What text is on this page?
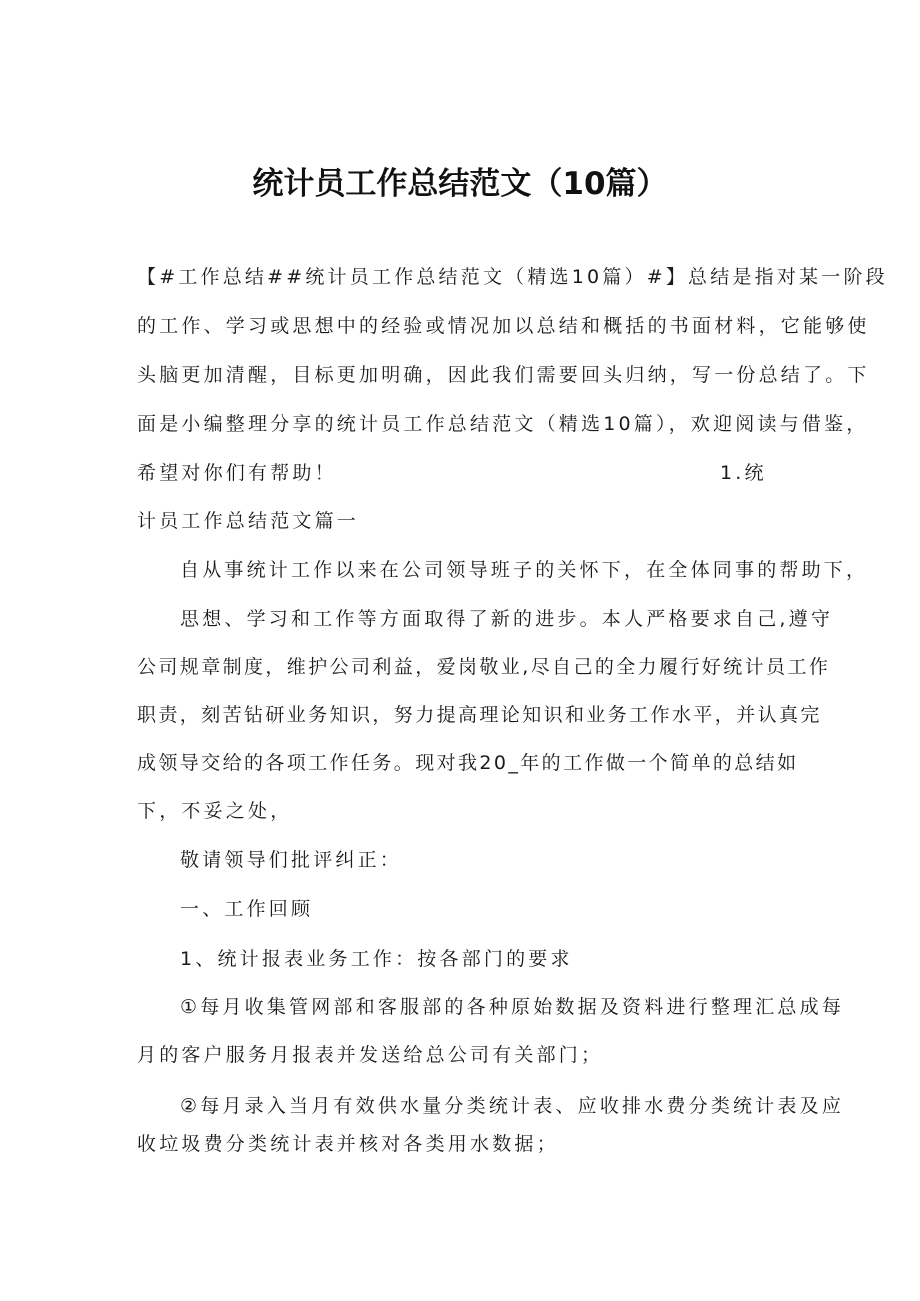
统计员工作总结范文（10篇）
【#工作总结##统计员工作总结范文（精选10篇）#】总结是指对某一阶段
的工作、学习或思想中的经验或情况加以总结和概括的书面材料，它能够使
头脑更加清醒，目标更加明确，因此我们需要回头归纳，写一份总结了。下
面是小编整理分享的统计员工作总结范文（精选10篇），欢迎阅读与借鉴，
希望对你们有帮助！	1.统
计员工作总结范文篇一
自从事统计工作以来在公司领导班子的关怀下，在全体同事的帮助下，
思想、学习和工作等方面取得了新的进步。本人严格要求自己,遵守
公司规章制度，维护公司利益，爱岗敬业,尽自己的全力履行好统计员工作
职责，刻苦钻研业务知识，努力提高理论知识和业务工作水平，并认真完
成领导交给的各项工作任务。现对我20_年的工作做一个简单的总结如
下，不妥之处，
敬请领导们批评纠正：
一、工作回顾
1、统计报表业务工作：按各部门的要求
①每月收集管网部和客服部的各种原始数据及资料进行整理汇总成每
月的客户服务月报表并发送给总公司有关部门；
②每月录入当月有效供水量分类统计表、应收排水费分类统计表及应
收垃圾费分类统计表并核对各类用水数据；
